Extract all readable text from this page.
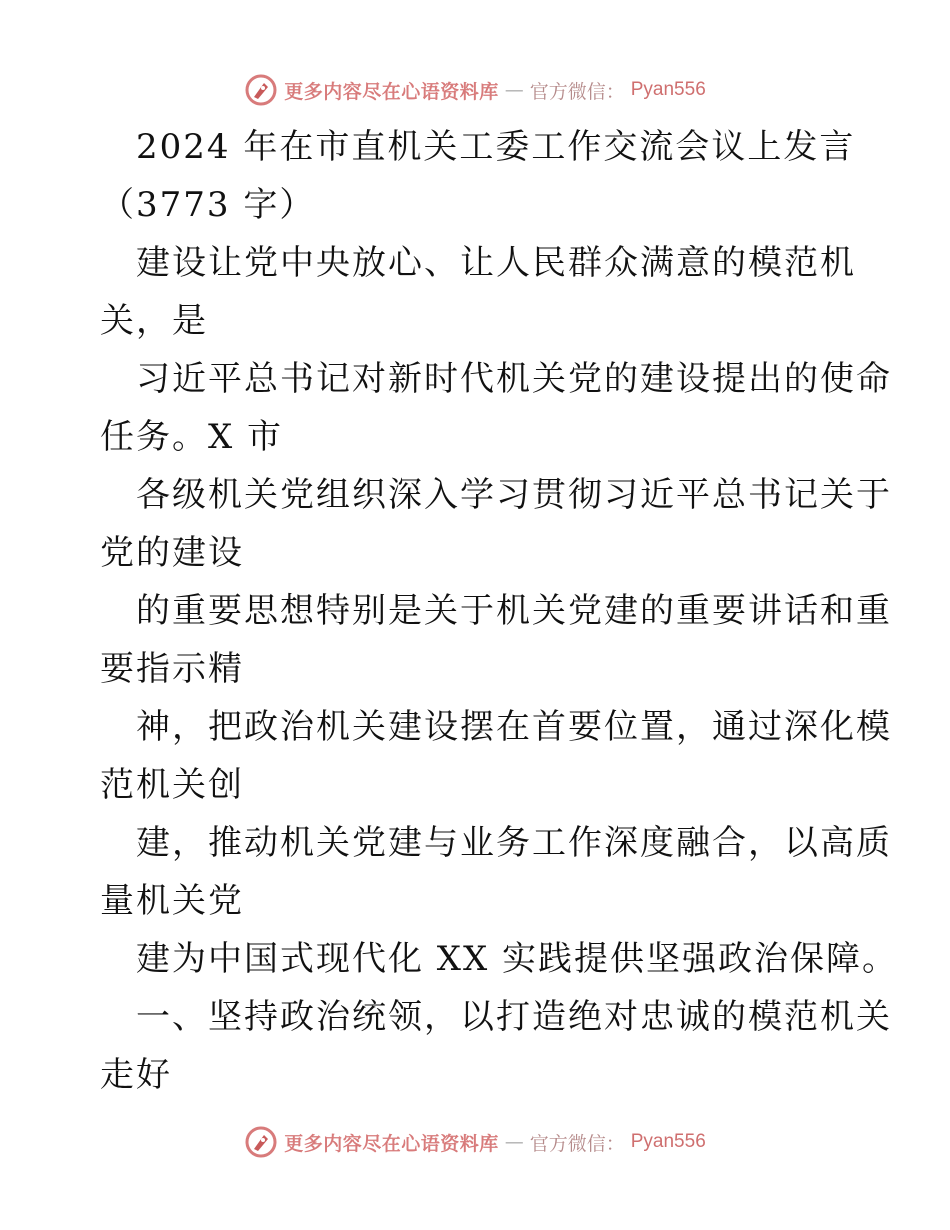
更多内容尽在心语资料库 — 官方微信： Pyan556
2024 年在市直机关工委工作交流会议上发言
（3773 字）
建设让党中央放心、让人民群众满意的模范机
关，是
习近平总书记对新时代机关党的建设提出的使命
任务。X 市
各级机关党组织深入学习贯彻习近平总书记关于
党的建设
的重要思想特别是关于机关党建的重要讲话和重
要指示精
神，把政治机关建设摆在首要位置，通过深化模
范机关创
建，推动机关党建与业务工作深度融合，以高质
量机关党
建为中国式现代化 XX 实践提供坚强政治保障。
一、坚持政治统领，以打造绝对忠诚的模范机关
走好
更多内容尽在心语资料库 — 官方微信： Pyan556
